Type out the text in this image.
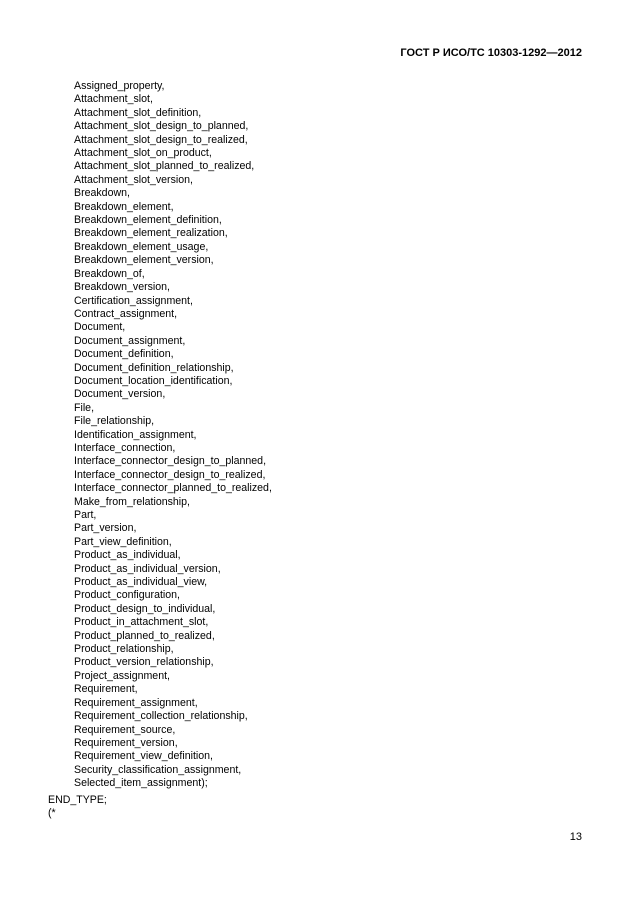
ГОСТ Р ИСО/ТС 10303-1292—2012
Assigned_property,
Attachment_slot,
Attachment_slot_definition,
Attachment_slot_design_to_planned,
Attachment_slot_design_to_realized,
Attachment_slot_on_product,
Attachment_slot_planned_to_realized,
Attachment_slot_version,
Breakdown,
Breakdown_element,
Breakdown_element_definition,
Breakdown_element_realization,
Breakdown_element_usage,
Breakdown_element_version,
Breakdown_of,
Breakdown_version,
Certification_assignment,
Contract_assignment,
Document,
Document_assignment,
Document_definition,
Document_definition_relationship,
Document_location_identification,
Document_version,
File,
File_relationship,
Identification_assignment,
Interface_connection,
Interface_connector_design_to_planned,
Interface_connector_design_to_realized,
Interface_connector_planned_to_realized,
Make_from_relationship,
Part,
Part_version,
Part_view_definition,
Product_as_individual,
Product_as_individual_version,
Product_as_individual_view,
Product_configuration,
Product_design_to_individual,
Product_in_attachment_slot,
Product_planned_to_realized,
Product_relationship,
Product_version_relationship,
Project_assignment,
Requirement,
Requirement_assignment,
Requirement_collection_relationship,
Requirement_source,
Requirement_version,
Requirement_view_definition,
Security_classification_assignment,
Selected_item_assignment);
END_TYPE;
(*
13
